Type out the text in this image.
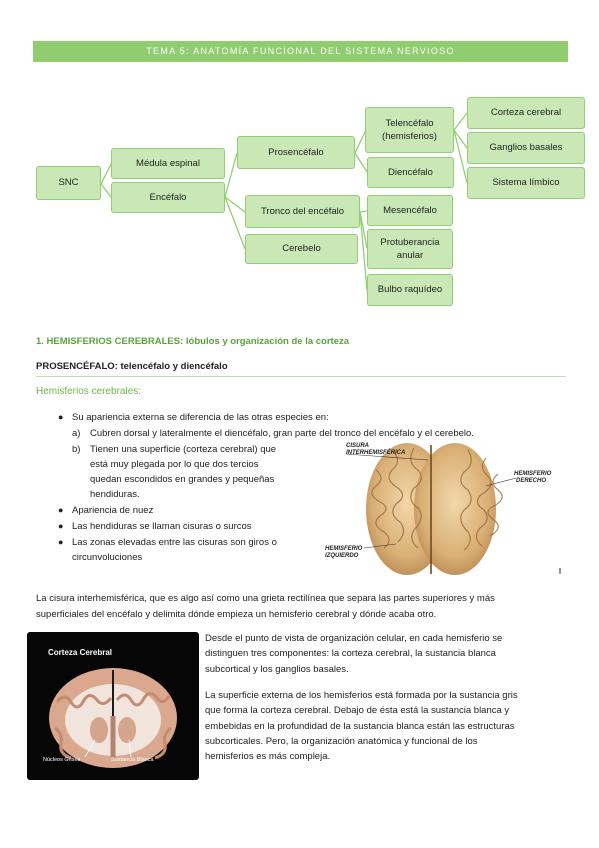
TEMA 5: ANATOMÍA FUNCIONAL DEL SISTEMA NERVIOSO
SNC
Médula espinal
Encéfalo
Prosencéfalo
Tronco del encéfalo
Cerebelo
Telencéfalo (hemisferios)
Diencéfalo
Mesencéfalo
Protuberancia anular
Bulbo raquídeo
Corteza cerebral
Ganglios basales
Sistema límbico
1. HEMISFERIOS CEREBRALES: lóbulos y organización de la corteza
PROSENCÉFALO: telencéfalo y diencéfalo
Hemisferios cerebrales:
● Su apariencia externa se diferencia de las otras especies en:
a) Cubren dorsal y lateralmente el diencéfalo, gran parte del tronco del encéfalo y el cerebelo.
b) Tienen una superficie (corteza cerebral) que
está muy plegada por lo que dos tercios
quedan escondidos en grandes y pequeñas
hendiduras.
● Apariencia de nuez
● Las hendiduras se llaman cisuras o surcos
● Las zonas elevadas entre las cisuras son giros o
circunvoluciones
CISURA
INTERHEMISFÉRICA
HEMISFERIO
DERECHO
HEMISFERIO
IZQUIERDO
La cisura interhemisférica, que es algo así como una grieta rectilínea que separa las partes superiores y más
superficiales del encéfalo y delimita dónde empieza un hemisferio cerebral y dónde acaba otro.
Corteza Cerebral
Núcleos Grises	Sustancia Blanca
Desde el punto de vista de organización celular, en cada hemisferio se
distinguen tres componentes: la corteza cerebral, la sustancia blanca
subcortical y los ganglios basales.
La superficie externa de los hemisferios está formada por la sustancia gris
que forma la corteza cerebral. Debajo de ésta está la sustancia blanca y
embebidas en la profundidad de la sustancia blanca están las estructuras
subcorticales. Pero, la organización anatómica y funcional de los
hemisferios es más compleja.
